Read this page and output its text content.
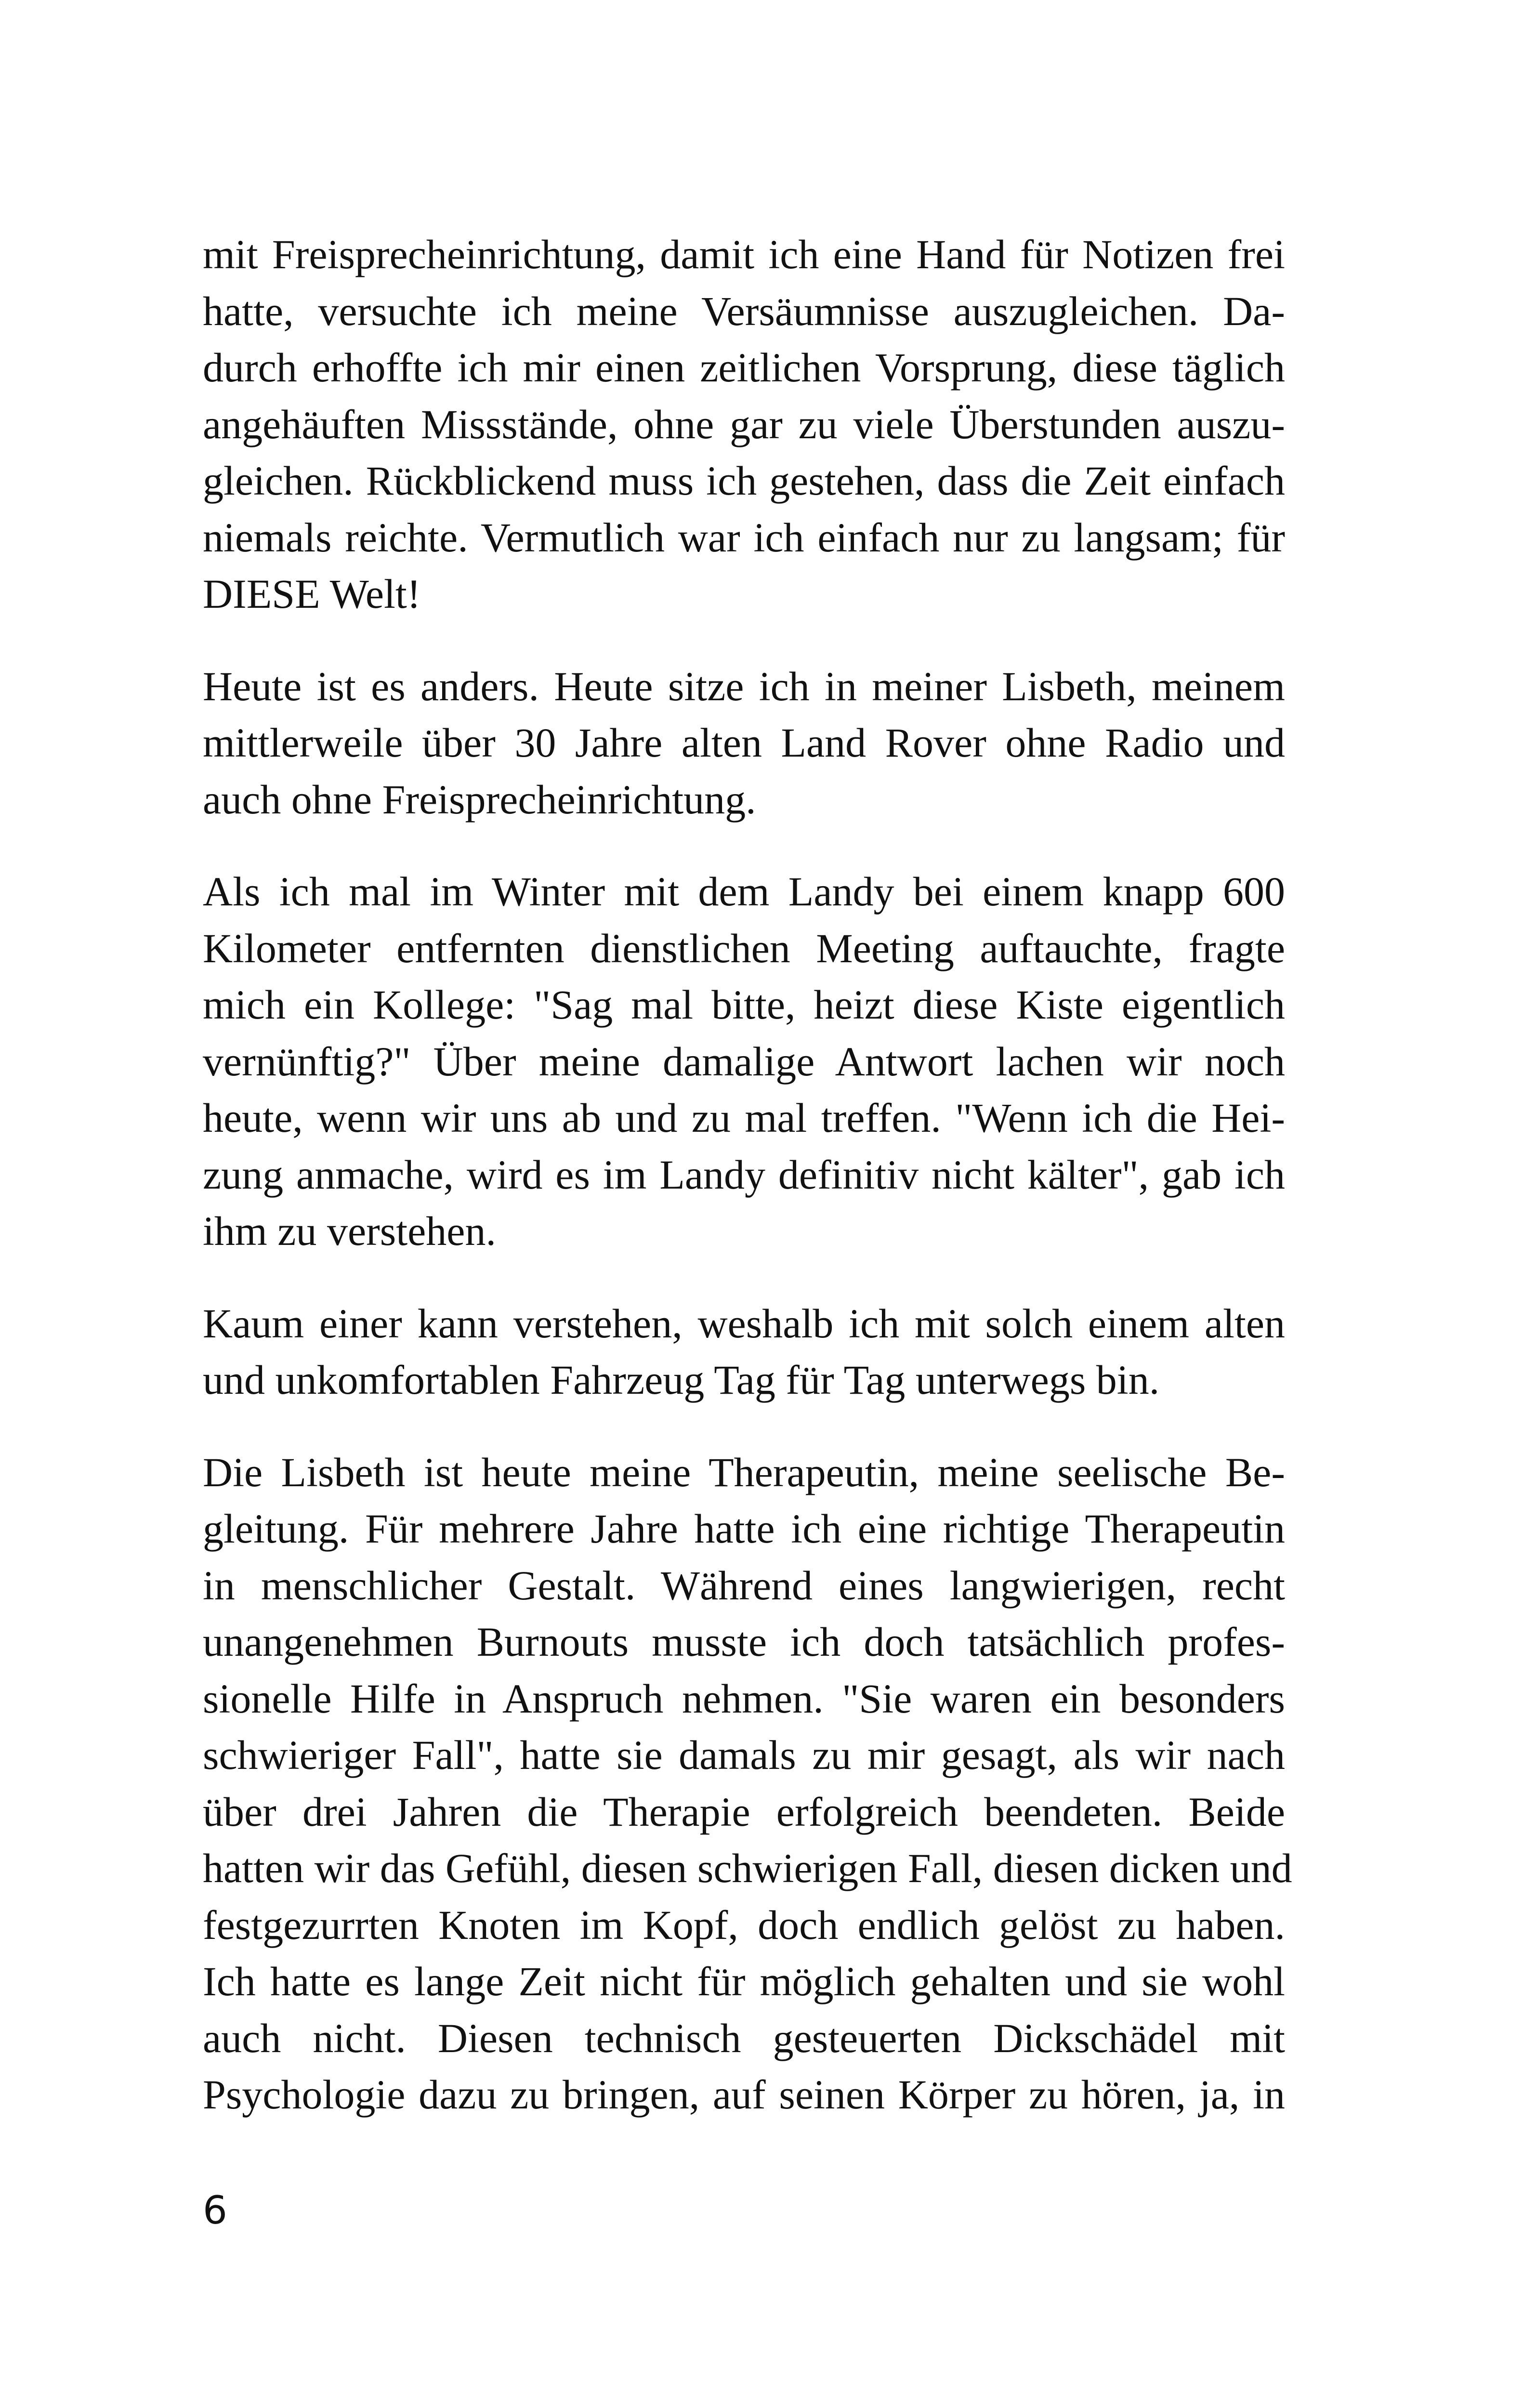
mit Freisprecheinrichtung, damit ich eine Hand für Notizen frei
hatte, versuchte ich meine Versäumnisse auszugleichen. Da-
durch erhoffte ich mir einen zeitlichen Vorsprung, diese täglich
angehäuften Missstände, ohne gar zu viele Überstunden auszu-
gleichen. Rückblickend muss ich gestehen, dass die Zeit einfach
niemals reichte. Vermutlich war ich einfach nur zu langsam; für
DIESE Welt!
Heute ist es anders. Heute sitze ich in meiner Lisbeth, meinem
mittlerweile über 30 Jahre alten Land Rover ohne Radio und
auch ohne Freisprecheinrichtung.
Als ich mal im Winter mit dem Landy bei einem knapp 600
Kilometer entfernten dienstlichen Meeting auftauchte, fragte
mich ein Kollege: "Sag mal bitte, heizt diese Kiste eigentlich
vernünftig?" Über meine damalige Antwort lachen wir noch
heute, wenn wir uns ab und zu mal treffen. "Wenn ich die Hei-
zung anmache, wird es im Landy definitiv nicht kälter", gab ich
ihm zu verstehen.
Kaum einer kann verstehen, weshalb ich mit solch einem alten
und unkomfortablen Fahrzeug Tag für Tag unterwegs bin.
Die Lisbeth ist heute meine Therapeutin, meine seelische Be-
gleitung. Für mehrere Jahre hatte ich eine richtige Therapeutin
in menschlicher Gestalt. Während eines langwierigen, recht
unangenehmen Burnouts musste ich doch tatsächlich profes-
sionelle Hilfe in Anspruch nehmen. "Sie waren ein besonders
schwieriger Fall", hatte sie damals zu mir gesagt, als wir nach
über drei Jahren die Therapie erfolgreich beendeten. Beide
hatten wir das Gefühl, diesen schwierigen Fall, diesen dicken und
festgezurrten Knoten im Kopf, doch endlich gelöst zu haben.
Ich hatte es lange Zeit nicht für möglich gehalten und sie wohl
auch nicht. Diesen technisch gesteuerten Dickschädel mit
Psychologie dazu zu bringen, auf seinen Körper zu hören, ja, in
6
